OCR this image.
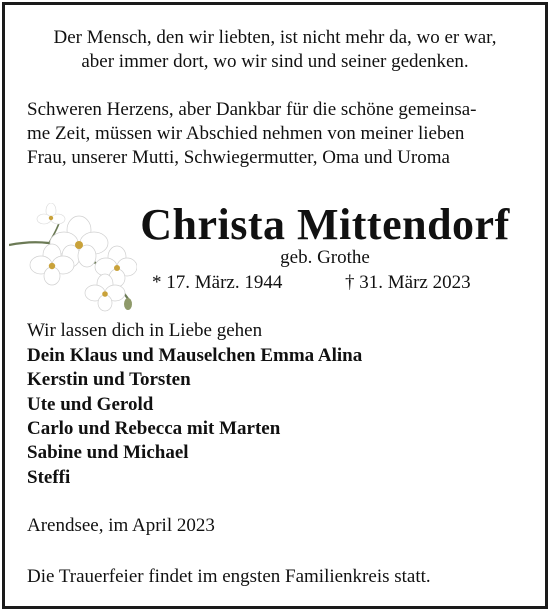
Der Mensch, den wir liebten, ist nicht mehr da, wo er war,

aber immer dort, wo wir sind und seiner gedenken.

Schweren Herzens, aber Dankbar für die schöne gemeinsa-

me Zeit, müssen wir Abschied nehmen von meiner lieben

Frau, unserer Mutti, Schwiegermutter, Oma und Uroma

Christa Mittendorf
geb. Grothe
* 17. März. 1944	† 31. März 2023

Wir lassen dich in Liebe gehen

Dein Klaus und Mauselchen Emma Alina

Kerstin und Torsten

Ute und Gerold

Carlo und Rebecca mit Marten

Sabine und Michael

Steffi

Arendsee, im April 2023

Die Trauerfeier findet im engsten Familienkreis statt.
